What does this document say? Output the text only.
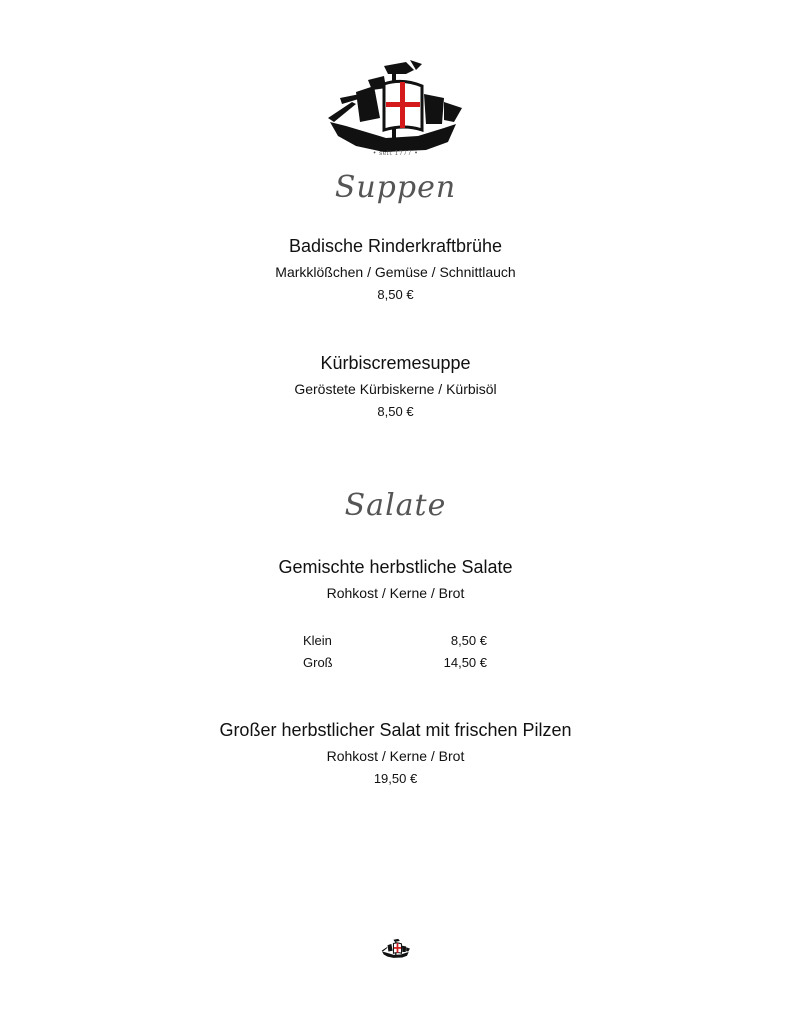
• seit 1777 •
Suppen
Badische Rinderkraftbrühe
Markklößchen / Gemüse / Schnittlauch
8,50 €
Kürbiscremesuppe
Geröstete Kürbiskerne / Kürbisöl
8,50 €
Salate
Gemischte herbstliche Salate
Rohkost / Kerne / Brot
Klein	8,50 €
Groß	14,50 €
Großer herbstlicher Salat mit frischen Pilzen
Rohkost / Kerne / Brot
19,50 €
